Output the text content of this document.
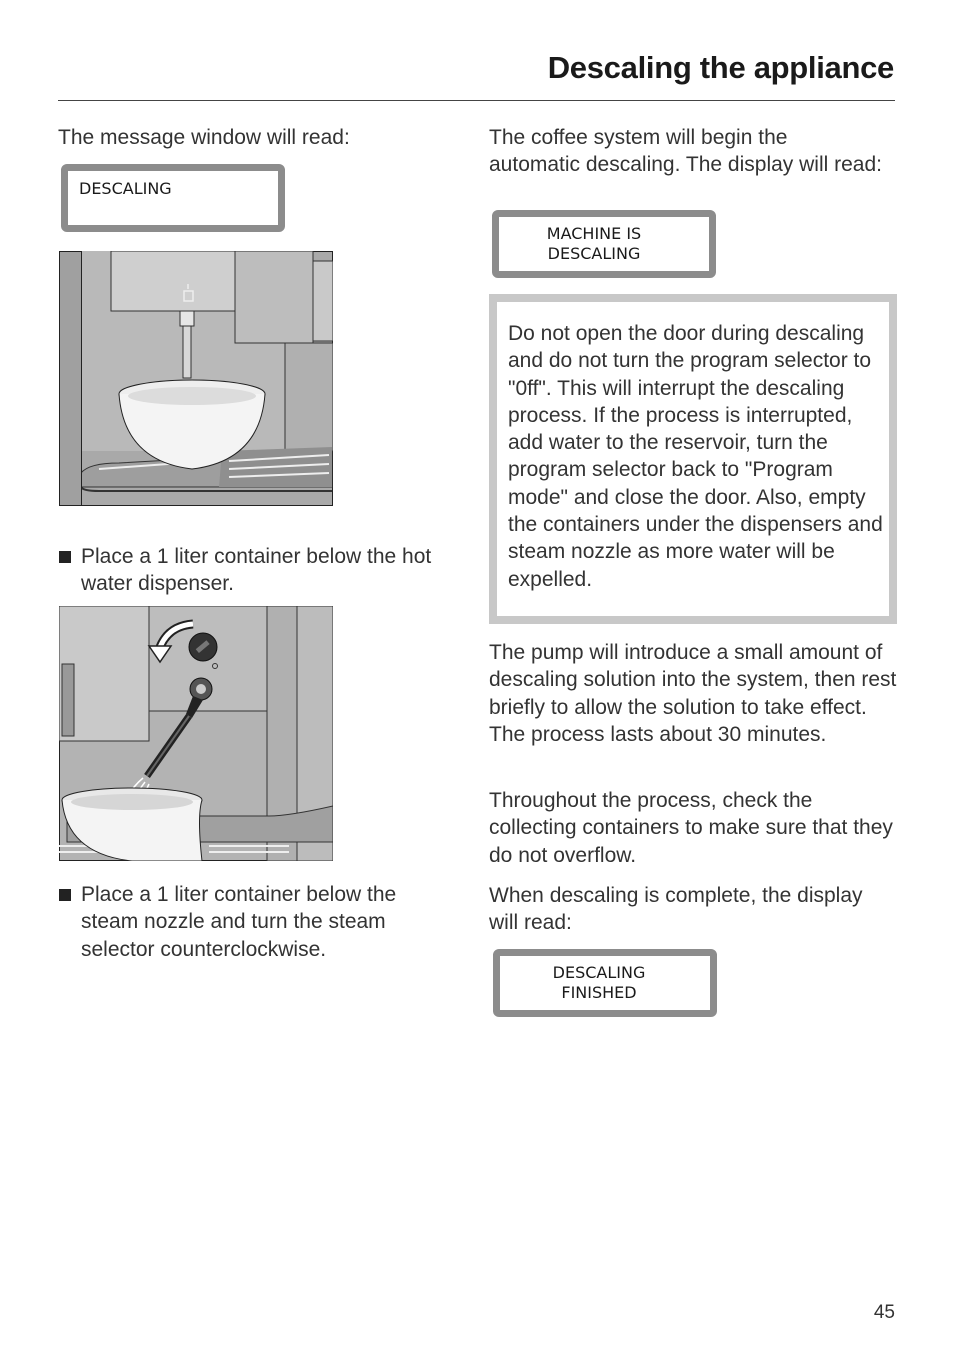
Descaling the appliance

The message window will read:

DESCALING

Place a 1 liter container below the hot water dispenser.

Place a 1 liter container below the steam nozzle and turn the steam selector counterclockwise.

The coffee system will begin the automatic descaling. The display will read:

MACHINE IS
DESCALING

Do not open the door during descaling and do not turn the program selector to "0ff". This will interrupt the descaling process. If the process is interrupted, add water to the reservoir, turn the program selector back to "Program mode" and close the door. Also, empty the containers under the dispensers and steam nozzle as more water will be expelled.

The pump will introduce a small amount of descaling solution into the system, then rest briefly to allow the solution to take effect. The process lasts about 30 minutes.

Throughout the process, check the collecting containers to make sure that they do not overflow.

When descaling is complete, the display will read:

DESCALING
FINISHED
45
